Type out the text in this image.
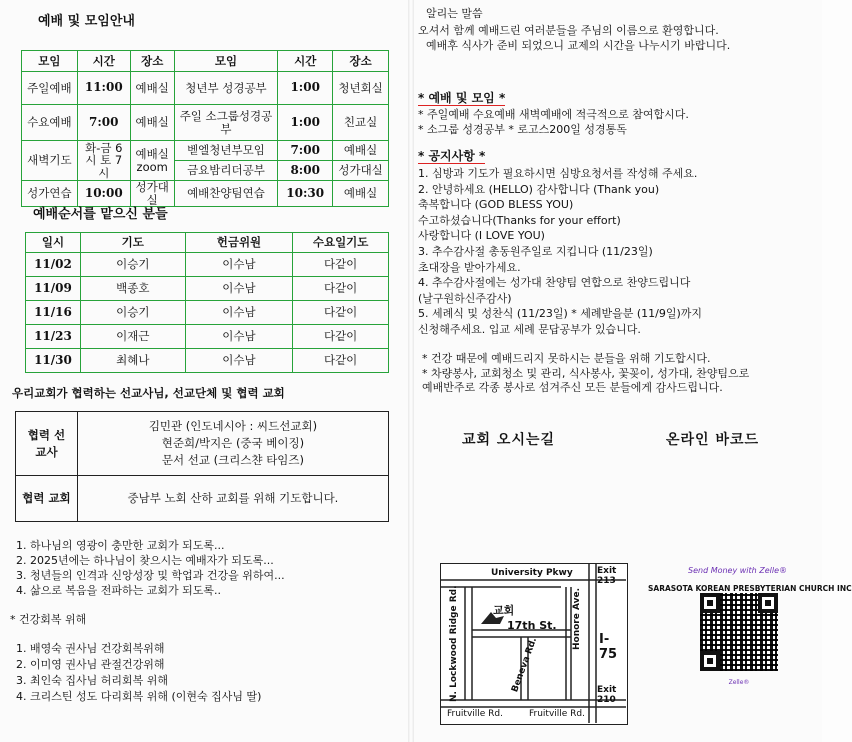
예배 및 모임안내
모임	시간	장소	모임	시간	장소
주일예배	11:00	예배실	청년부 성경공부	1:00	청년회실
수요예배	7:00	예배실	주일 소그룹성경공부	1:00	친교실
새벽기도	화-금 6시 토 7시	예배실 zoom	벧엘청년부모임	7:00	예배실
			금요밤리더공부	8:00	성가대실
성가연습	10:00	성가대실	예배찬양팀연습	10:30	예배실
예배순서를 맡으신 분들
일시	기도	헌금위원	수요일기도
11/02	이승기	이수남	다같이
11/09	백종호	이수남	다같이
11/16	이승기	이수남	다같이
11/23	이재근	이수남	다같이
11/30	최혜나	이수남	다같이
우리교회가 협력하는 선교사님, 선교단체 및 협력 교회
협력 선교사	김민관 (인도네시아 : 씨드선교회)
현준희/박지은 (중국 베이징)
문서 선교 (크리스챤 타임즈)

협력 교회	중남부 노회 산하 교회를 위해 기도합니다.
1. 하나님의 영광이 충만한 교회가 되도록...
2. 2025년에는 하나님이 찾으시는 예배자가 되도록...
3. 청년들의 인격과 신앙성장 및 학업과 건강을 위하여...
4. 삶으로 복음을 전파하는 교회가 되도록..
* 건강회복 위해
1. 배영숙 권사님 건강회복위해
2. 이미영 권사님 관절건강위해
3. 최인숙 집사님 허리회복 위해
4. 크리스틴 성도 다리회복 위해 (이현숙 집사님 딸)
알리는 말씀
오셔서 함께 예배드린 여러분들을 주님의 이름으로 환영합니다.
예배후 식사가 준비 되었으니 교제의 시간을 나누시기 바랍니다.
* 예배 및 모임 *
* 주일예배 수요예배 새벽예배에 적극적으로 참여합시다.
* 소그룹 성경공부 * 로고스200일 성경통독
* 공지사항 *
1. 심방과 기도가 필요하시면 심방요청서를 작성해 주세요.
2. 안녕하세요 (HELLO) 감사합니다 (Thank you)
축복합니다 (GOD BLESS YOU)
수고하셨습니다(Thanks for your effort)
사랑합니다 (I LOVE YOU)
3. 추수감사절 총동원주일로 지킵니다 (11/23일)
초대장을 받아가세요.
4. 추수감사절에는 성가대 찬양팀 연합으로 찬양드립니다
(날구원하신주감사)
5. 세례식 및 성찬식 (11/23일) * 세례받을분 (11/9일)까지
신청해주세요. 입교 세례 문답공부가 있습니다.
* 건강 때문에 예배드리지 못하시는 분들을 위해 기도합시다.
* 차량봉사, 교회청소 및 관리, 식사봉사, 꽃꽂이, 성가대, 찬양팀으로
예배반주로 각종 봉사로 섬겨주신 모든 분들에게 감사드립니다.
교회 오시는길	온라인 바코드
University Pkwy	Exit 213
N. Lockwood Ridge Rd.	교회
17th St. Honore Ave. I-75
Beneva Rd.	Exit 210
Fruitville Rd.	Fruitville Rd.
Send Money with Zelle®
SARASOTA KOREAN PRESBYTERIAN CHURCH INC
Zelle®
